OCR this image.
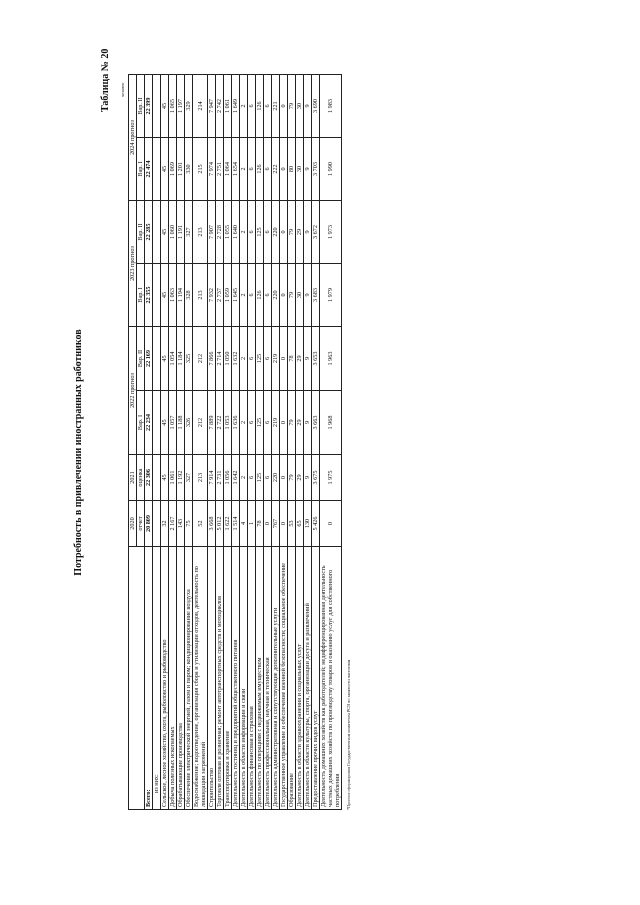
Таблица № 20 человек
Потребность в привлечении иностранных работников
		2020	2021	2022 прогноз		2023 прогноз		2024 прогноз	
	отчет	оценка	Вар. I	Вар. II	Вар. I	Вар. II	Вар. I	Вар. II
Всего:	20 809	22 306	22 234	22 169	22 355	22 285	22 474	22 399
из них:								
Сельское, лесное хозяйство, охота, рыболовство и рыбоводство	32	45	45	45	45	45	45	45
Добыча полезных ископаемых	2 167	1 061	1 057	1 054	1 063	1 060	1 069	1 065
Обрабатывающие производства	143	1 192	1 188	1 184	1 194	1 191	1 201	1 197
Обеспечение электрической энергией, газом и паром; кондиционирование воздуха	75	327	326	325	328	327	330	329
Водоснабжение; водоотведение, организация сбора и утилизации отходов, деятельность по ликвидации загрязнений	52	213	212	212	213	213	215	214
Строительство	3 668	7 914	7 889	7 866	7 932	7 907	7 974	7 947
Торговля оптовая и розничная; ремонт автотранспортных средств и мотоциклов	5 012	2 731	2 722	2 714	2 737	2 728	2 751	2 742
Транспортировка и хранение	1 622	1 056	1 053	1 050	1 059	1 055	1 064	1 061
Деятельность гостиниц и предприятий общественного питания	1 514	1 642	1 636	1 632	1 645	1 640	1 654	1 649
Деятельность в области информации и связи	4	2	2	2	2	2	2	2
Деятельность финансовая и страховая	1	6	6	6	6	6	6	6
Деятельность по операциям с недвижимым имуществом	78	125	125	125	126	125	126	126
Деятельность профессиональная, научная и техническая	0	6	6	6	6	6	6	6
Деятельность административная и сопутствующие дополнительные услуги	767	220	219	219	220	220	222	221
Государственное управление и обеспечение военной безопасности; социальное обеспечение	0	0	0	0	0	0	0	0
Образование	53	79	79	78	79	79	80	79
Деятельность в области здравоохранения и социальных услуг	65	29	29	29	30	29	30	30
Деятельность в области культуры, спорта, организации досуга и развлечений	130	9	9	9	9	9	9	9
Предоставление прочих видов услуг	5 426	3 675	3 663	3 653	3 683	3 672	3 703	3 690
Деятельность домашних хозяйств как работодателей; недифференцированная деятельность частных домашних хозяйств по производству товаров и оказанию услуг для собственного потребления	0	1 975	1 968	1 963	1 979	1 973	1 990	1 983
*Прогноз сформирован Государственным комитетом РСЯ по занятости населения
